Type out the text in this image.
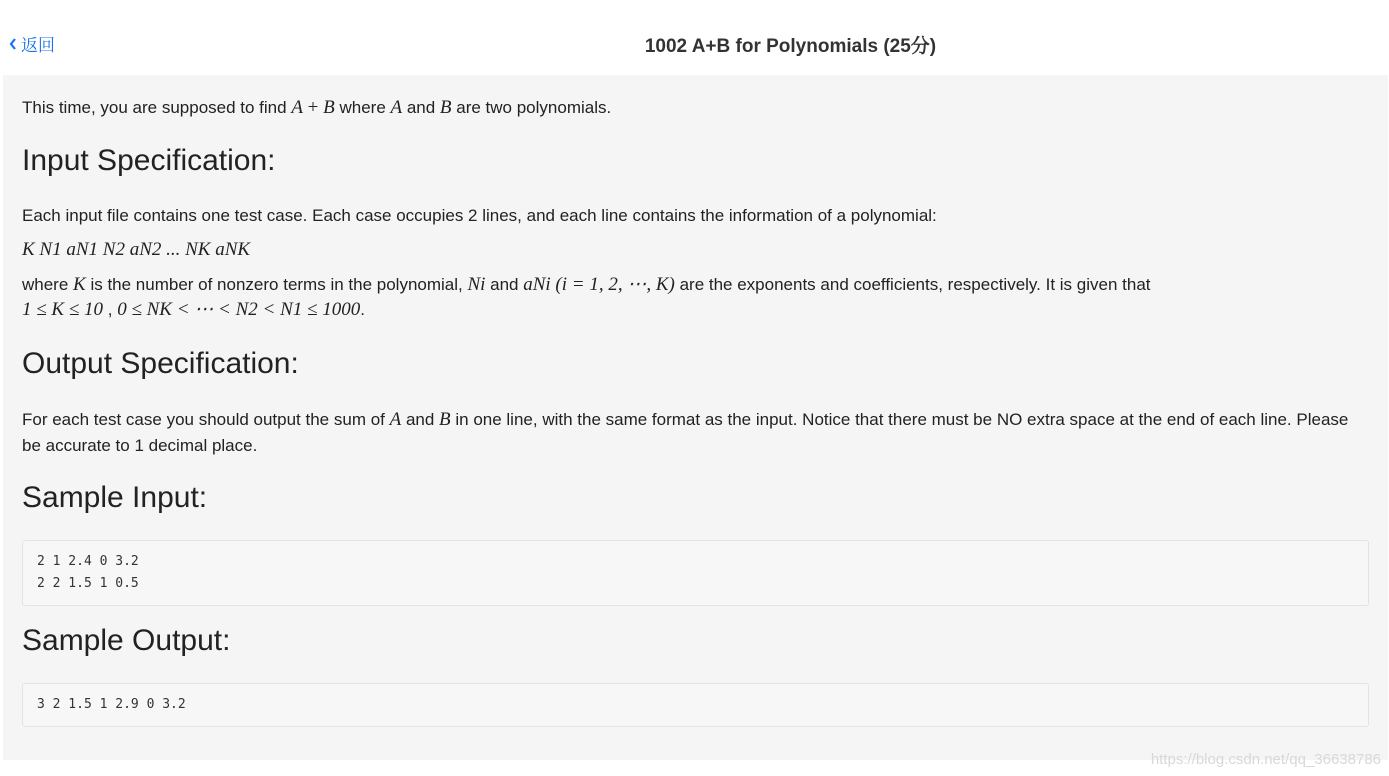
返回	1002 A+B for Polynomials (25分)

This time, you are supposed to find A + B where A and B are two polynomials.

Input Specification:

Each input file contains one test case. Each case occupies 2 lines, and each line contains the information of a polynomial:

K N1 aN1 N2 aN2 ... NK aNK

where K is the number of nonzero terms in the polynomial, Ni and aNi (i = 1, 2, ⋯, K) are the exponents and coefficients, respectively. It is given that

1 ≤ K ≤ 10 , 0 ≤ NK < ⋯ < N2 < N1 ≤ 1000.

Output Specification:

For each test case you should output the sum of A and B in one line, with the same format as the input. Notice that there must be NO extra space at the end of each line. Please be accurate to 1 decimal place.

Sample Input:
2 1 2.4 0 3.2
2 2 1.5 1 0.5
Sample Output:
3 2 1.5 1 2.9 0 3.2
https://blog.csdn.net/qq_36638786
